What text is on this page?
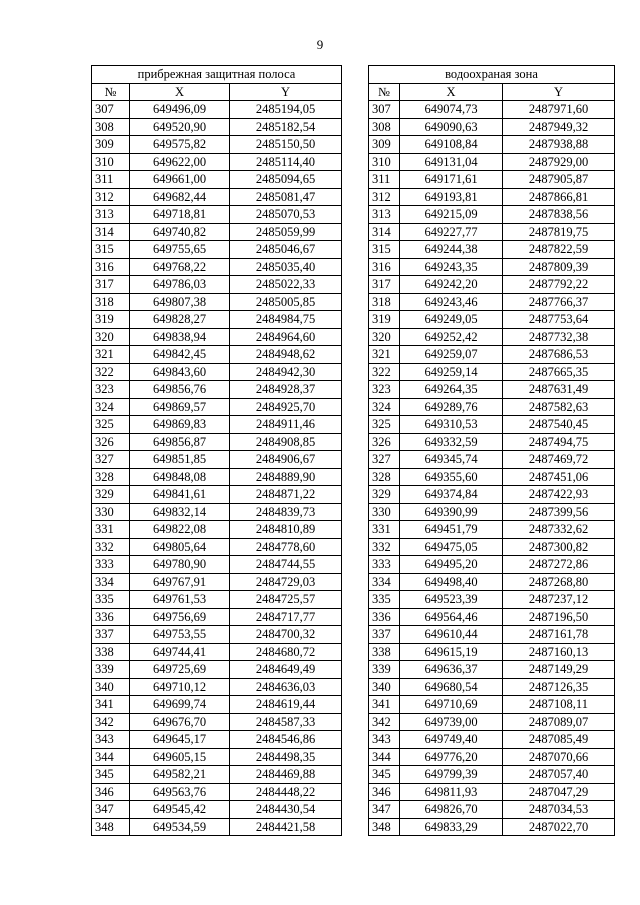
9
прибрежная защитная полоса				водоохраная зона		
№	X	Y		№	X	Y
307	649496,09	2485194,05		307	649074,73	2487971,60
308	649520,90	2485182,54		308	649090,63	2487949,32
309	649575,82	2485150,50		309	649108,84	2487938,88
310	649622,00	2485114,40		310	649131,04	2487929,00
311	649661,00	2485094,65		311	649171,61	2487905,87
312	649682,44	2485081,47		312	649193,81	2487866,81
313	649718,81	2485070,53		313	649215,09	2487838,56
314	649740,82	2485059,99		314	649227,77	2487819,75
315	649755,65	2485046,67		315	649244,38	2487822,59
316	649768,22	2485035,40		316	649243,35	2487809,39
317	649786,03	2485022,33		317	649242,20	2487792,22
318	649807,38	2485005,85		318	649243,46	2487766,37
319	649828,27	2484984,75		319	649249,05	2487753,64
320	649838,94	2484964,60		320	649252,42	2487732,38
321	649842,45	2484948,62		321	649259,07	2487686,53
322	649843,60	2484942,30		322	649259,14	2487665,35
323	649856,76	2484928,37		323	649264,35	2487631,49
324	649869,57	2484925,70		324	649289,76	2487582,63
325	649869,83	2484911,46		325	649310,53	2487540,45
326	649856,87	2484908,85		326	649332,59	2487494,75
327	649851,85	2484906,67		327	649345,74	2487469,72
328	649848,08	2484889,90		328	649355,60	2487451,06
329	649841,61	2484871,22		329	649374,84	2487422,93
330	649832,14	2484839,73		330	649390,99	2487399,56
331	649822,08	2484810,89		331	649451,79	2487332,62
332	649805,64	2484778,60		332	649475,05	2487300,82
333	649780,90	2484744,55		333	649495,20	2487272,86
334	649767,91	2484729,03		334	649498,40	2487268,80
335	649761,53	2484725,57		335	649523,39	2487237,12
336	649756,69	2484717,77		336	649564,46	2487196,50
337	649753,55	2484700,32		337	649610,44	2487161,78
338	649744,41	2484680,72		338	649615,19	2487160,13
339	649725,69	2484649,49		339	649636,37	2487149,29
340	649710,12	2484636,03		340	649680,54	2487126,35
341	649699,74	2484619,44		341	649710,69	2487108,11
342	649676,70	2484587,33		342	649739,00	2487089,07
343	649645,17	2484546,86		343	649749,40	2487085,49
344	649605,15	2484498,35		344	649776,20	2487070,66
345	649582,21	2484469,88		345	649799,39	2487057,40
346	649563,76	2484448,22		346	649811,93	2487047,29
347	649545,42	2484430,54		347	649826,70	2487034,53
348	649534,59	2484421,58		348	649833,29	2487022,70
